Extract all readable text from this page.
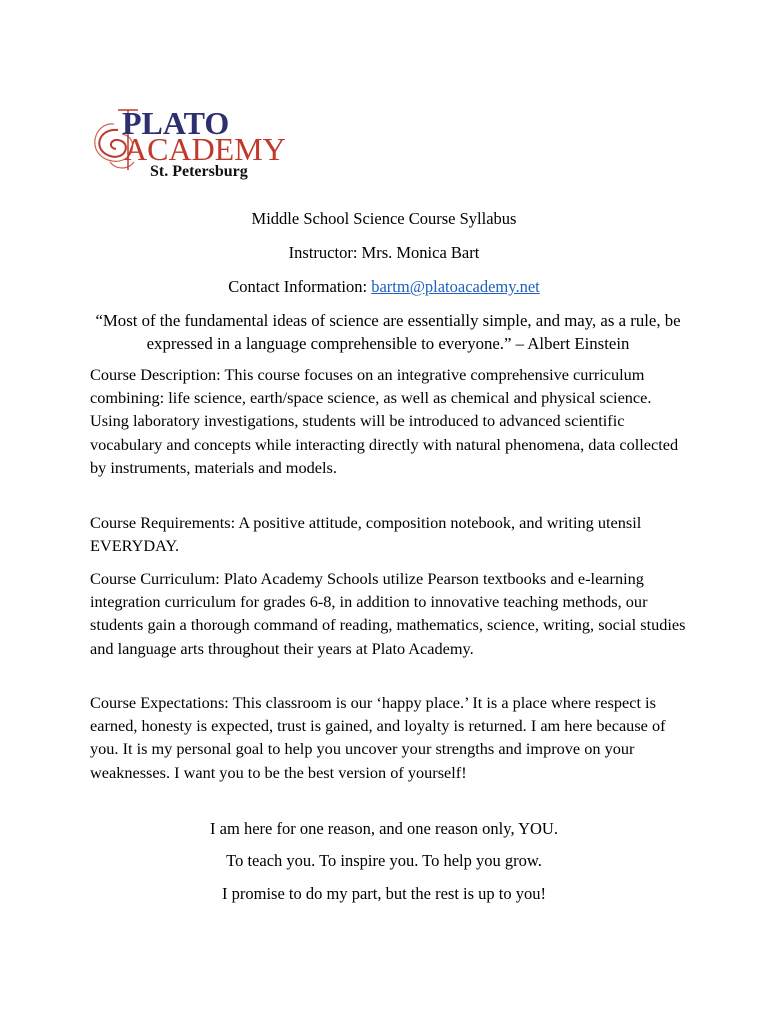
PLATO
ACADEMY
St. Petersburg
Middle School Science Course Syllabus
Instructor: Mrs. Monica Bart
Contact Information: bartm@platoacademy.net
“Most of the fundamental ideas of science are essentially simple, and may, as a rule, be expressed in a language comprehensible to everyone.” – Albert Einstein
Course Description: This course focuses on an integrative comprehensive curriculum combining: life science, earth/space science, as well as chemical and physical science. Using laboratory investigations, students will be introduced to advanced scientific vocabulary and concepts while interacting directly with natural phenomena, data collected by instruments, materials and models.
Course Requirements: A positive attitude, composition notebook, and writing utensil EVERYDAY.
Course Curriculum: Plato Academy Schools utilize Pearson textbooks and e-learning integration curriculum for grades 6-8, in addition to innovative teaching methods, our students gain a thorough command of reading, mathematics, science, writing, social studies and language arts throughout their years at Plato Academy.
Course Expectations: This classroom is our ‘happy place.’ It is a place where respect is earned, honesty is expected, trust is gained, and loyalty is returned. I am here because of you. It is my personal goal to help you uncover your strengths and improve on your weaknesses. I want you to be the best version of yourself!
I am here for one reason, and one reason only, YOU.
To teach you. To inspire you. To help you grow.
I promise to do my part, but the rest is up to you!
